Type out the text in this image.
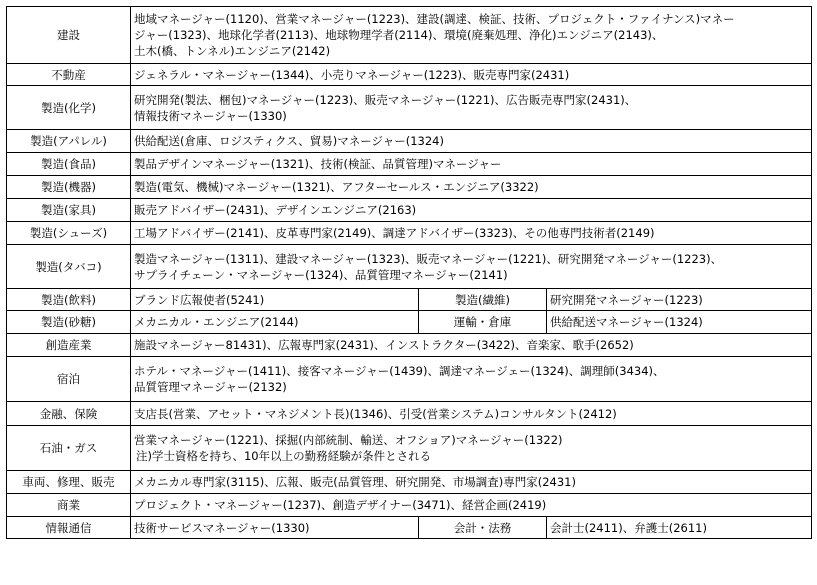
建設	地域マネージャー(1120)、営業マネージャー(1223)、建設(調達、検証、技術、プロジェクト・ファイナンス)マネー
ジャー(1323)、地球化学者(2113)、地球物理学者(2114)、環境(廃棄処理、浄化)エンジニア(2143)、
土木(橋、トンネル)エンジニア(2142)		

不動産	ジェネラル・マネージャー(1344)、小売りマネージャー(1223)、販売専門家(2431)		

製造(化学)	研究開発(製法、梱包)マネージャー(1223)、販売マネージャー(1221)、広告販売専門家(2431)、
情報技術マネージャー(1330)		

製造(アパレル)	供給配送(倉庫、ロジスティクス、貿易)マネージャー(1324)		

製造(食品)	製品デザインマネージャー(1321)、技術(検証、品質管理)マネージャー		

製造(機器)	製造(電気、機械)マネージャー(1321)、アフターセールス・エンジニア(3322)		

製造(家具)	販売アドバイザー(2431)、デザインエンジニア(2163)		

製造(シューズ)	工場アドバイザー(2141)、皮革専門家(2149)、調達アドバイザー(3323)、その他専門技術者(2149)		

製造(タバコ)	製造マネージャー(1311)、建設マネージャー(1323)、販売マネージャー(1221)、研究開発マネージャー(1223)、
サプライチェーン・マネージャー(1324)、品質管理マネージャー(2141)		

製造(飲料)	ブランド広報使者(5241)	製造(繊維)	研究開発マネージャー(1223)
製造(砂糖)	メカニカル・エンジニア(2144)	運輸・倉庫	供給配送マネージャー(1324)
創造産業	施設マネージャー81431)、広報専門家(2431)、インストラクター(3422)、音楽家、歌手(2652)		

宿泊	ホテル・マネージャー(1411)、接客マネージャー(1439)、調達マネージェー(1324)、調理師(3434)、
品質管理マネージャー(2132)		

金融、保険	支店長(営業、アセット・マネジメント長)(1346)、引受(営業システム)コンサルタント(2412)		

石油・ガス	営業マネージャー(1221)、採掘(内部統制、輸送、オフショア)マネージャー(1322)
注)学士資格を持ち、10年以上の勤務経験が条件とされる		

車両、修理、販売	メカニカル専門家(3115)、広報、販売(品質管理、研究開発、市場調査)専門家(2431)		

商業	プロジェクト・マネージャー(1237)、創造デザイナー(3471)、経営企画(2419)		

情報通信	技術サービスマネージャー(1330)	会計・法務	会計士(2411)、弁護士(2611)
